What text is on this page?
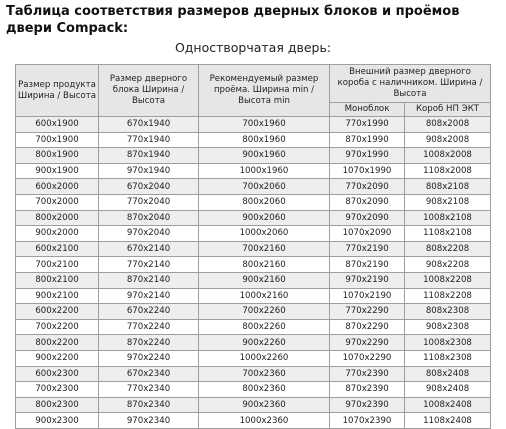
Таблица соответствия размеров дверных блоков и проёмов двери Compack:
Одностворчатая дверь:
Размер продукта Ширина / Высота	Размер дверного блока Ширина / Высота	Рекомендуемый размер проёма. Ширина min / Высота min	Внешний размер дверного короба с наличником. Ширина / Высота	
			Моноблок	Короб НП ЭКТ
600x1900	670x1940	700x1960	770x1990	808x2008
700x1900	770x1940	800x1960	870x1990	908x2008
800x1900	870x1940	900x1960	970x1990	1008x2008
900x1900	970x1940	1000x1960	1070x1990	1108x2008
600x2000	670x2040	700x2060	770x2090	808x2108
700x2000	770x2040	800x2060	870x2090	908x2108
800x2000	870x2040	900x2060	970x2090	1008x2108
900x2000	970x2040	1000x2060	1070x2090	1108x2108
600x2100	670x2140	700x2160	770x2190	808x2208
700x2100	770x2140	800x2160	870x2190	908x2208
800x2100	870x2140	900x2160	970x2190	1008x2208
900x2100	970x2140	1000x2160	1070x2190	1108x2208
600x2200	670x2240	700x2260	770x2290	808x2308
700x2200	770x2240	800x2260	870x2290	908x2308
800x2200	870x2240	900x2260	970x2290	1008x2308
900x2200	970x2240	1000x2260	1070x2290	1108x2308
600x2300	670x2340	700x2360	770x2390	808x2408
700x2300	770x2340	800x2360	870x2390	908x2408
800x2300	870x2340	900x2360	970x2390	1008x2408
900x2300	970x2340	1000x2360	1070x2390	1108x2408
